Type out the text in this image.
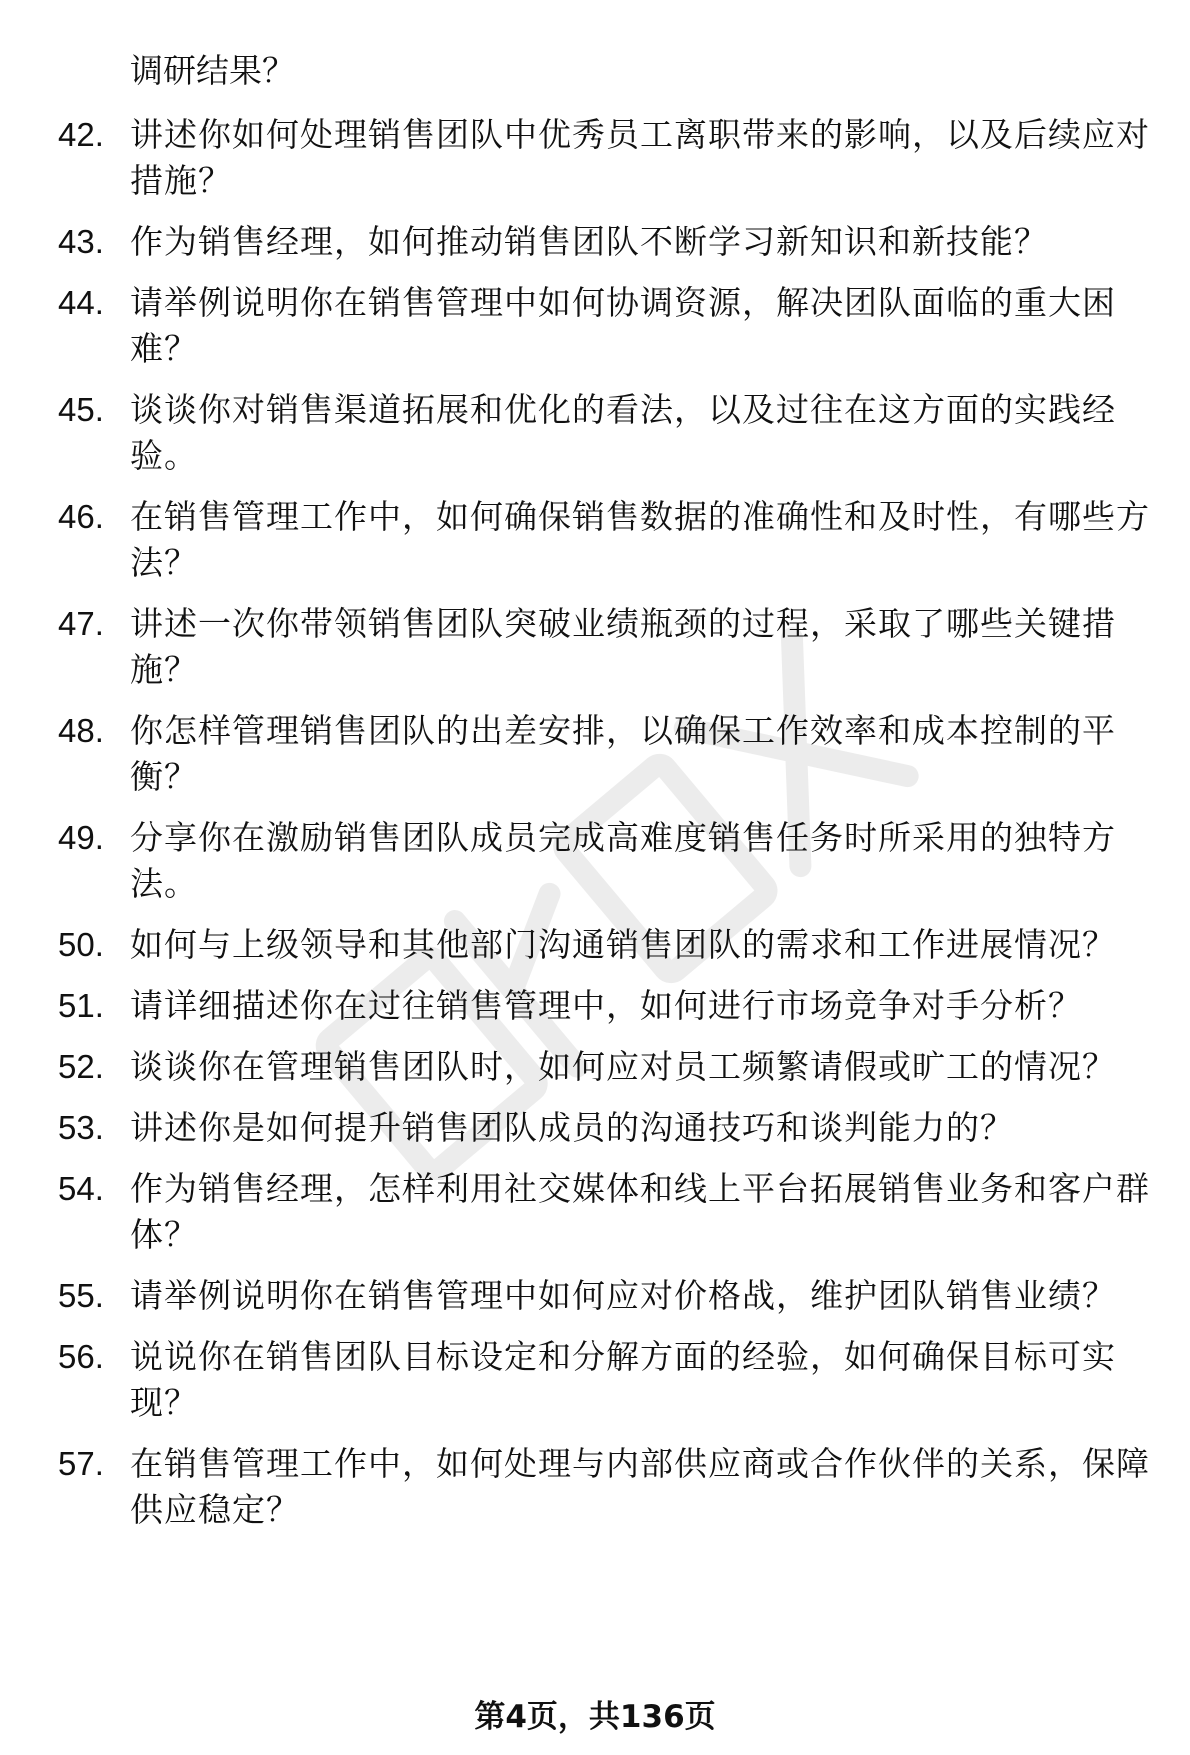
调研结果？
42. 讲述你如何处理销售团队中优秀员工离职带来的影响，以及后续应对措施？
43. 作为销售经理，如何推动销售团队不断学习新知识和新技能？
44. 请举例说明你在销售管理中如何协调资源，解决团队面临的重大困难？
45. 谈谈你对销售渠道拓展和优化的看法，以及过往在这方面的实践经验。
46. 在销售管理工作中，如何确保销售数据的准确性和及时性，有哪些方法？
47. 讲述一次你带领销售团队突破业绩瓶颈的过程，采取了哪些关键措施？
48. 你怎样管理销售团队的出差安排，以确保工作效率和成本控制的平衡？
49. 分享你在激励销售团队成员完成高难度销售任务时所采用的独特方法。
50. 如何与上级领导和其他部门沟通销售团队的需求和工作进展情况？
51. 请详细描述你在过往销售管理中，如何进行市场竞争对手分析？
52. 谈谈你在管理销售团队时，如何应对员工频繁请假或旷工的情况？
53. 讲述你是如何提升销售团队成员的沟通技巧和谈判能力的？
54. 作为销售经理，怎样利用社交媒体和线上平台拓展销售业务和客户群体？
55. 请举例说明你在销售管理中如何应对价格战，维护团队销售业绩？
56. 说说你在销售团队目标设定和分解方面的经验，如何确保目标可实现？
57. 在销售管理工作中，如何处理与内部供应商或合作伙伴的关系，保障供应稳定？
第4页，共136页
